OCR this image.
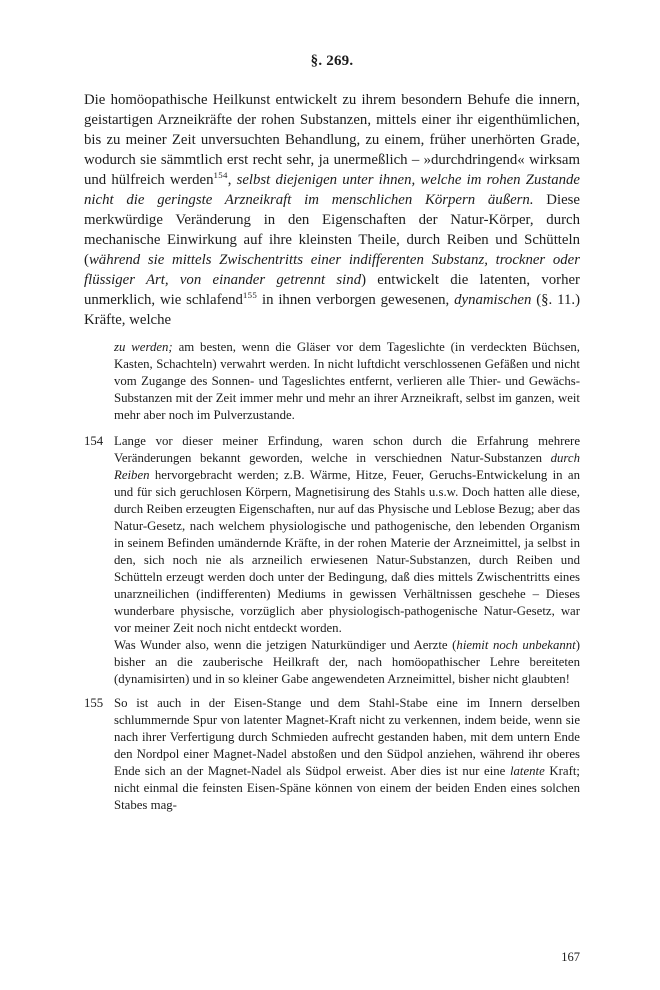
§. 269.

Die homöopathische Heilkunst entwickelt zu ihrem besondern Behufe die innern, geistartigen Arzneikräfte der rohen Substanzen, mittels einer ihr eigenthümlichen, bis zu meiner Zeit unversuchten Behandlung, zu einem, früher unerhörten Grade, wodurch sie sämmtlich erst recht sehr, ja unermeßlich – »durchdringend« wirksam und hülfreich werden$^{154}$, selbst diejenigen unter ihnen, welche im rohen Zustande nicht die geringste Arzneikraft im menschlichen Körpern äußern. Diese merkwürdige Veränderung in den Eigenschaften der Natur-Körper, durch mechanische Einwirkung auf ihre kleinsten Theile, durch Reiben und Schütteln (während sie mittels Zwischentritts einer indifferenten Substanz, trockner oder flüssiger Art, von einander getrennt sind) entwickelt die latenten, vorher unmerklich, wie schlafend$^{155}$ in ihnen verborgen gewesenen, dynamischen (§. 11.) Kräfte, welche

zu werden; am besten, wenn die Gläser vor dem Tageslichte (in verdeckten Büchsen, Kasten, Schachteln) verwahrt werden. In nicht luftdicht verschlossenen Gefäßen und nicht vom Zugange des Sonnen- und Tageslichtes entfernt, verlieren alle Thier- und Gewächs-Substanzen mit der Zeit immer mehr und mehr an ihrer Arzneikraft, selbst im ganzen, weit mehr aber noch im Pulverzustande.

154 Lange vor dieser meiner Erfindung, waren schon durch die Erfahrung mehrere Veränderungen bekannt geworden, welche in verschiednen Natur-Substanzen durch Reiben hervorgebracht werden; z.B. Wärme, Hitze, Feuer, Geruchs-Entwickelung in an und für sich geruchlosen Körpern, Magnetisirung des Stahls u.s.w. Doch hatten alle diese, durch Reiben erzeugten Eigenschaften, nur auf das Physische und Leblose Bezug; aber das Natur-Gesetz, nach welchem physiologische und pathogenische, den lebenden Organism in seinem Befinden umändernde Kräfte, in der rohen Materie der Arzneimittel, ja selbst in den, sich noch nie als arzneilich erwiesenen Natur-Substanzen, durch Reiben und Schütteln erzeugt werden doch unter der Bedingung, daß dies mittels Zwischentritts eines unarzneilichen (indifferenten) Mediums in gewissen Verhältnissen geschehe – Dieses wunderbare physische, vorzüglich aber physiologisch-pathogenische Natur-Gesetz, war vor meiner Zeit noch nicht entdeckt worden.

Was Wunder also, wenn die jetzigen Naturkündiger und Aerzte (hiemit noch unbekannt) bisher an die zauberische Heilkraft der, nach homöopathischer Lehre bereiteten (dynamisirten) und in so kleiner Gabe angewendeten Arzneimittel, bisher nicht glaubten!

155 So ist auch in der Eisen-Stange und dem Stahl-Stabe eine im Innern derselben schlummernde Spur von latenter Magnet-Kraft nicht zu verkennen, indem beide, wenn sie nach ihrer Verfertigung durch Schmieden aufrecht gestanden haben, mit dem untern Ende den Nordpol einer Magnet-Nadel abstoßen und den Südpol anziehen, während ihr oberes Ende sich an der Magnet-Nadel als Südpol erweist. Aber dies ist nur eine latente Kraft; nicht einmal die feinsten Eisen-Späne können von einem der beiden Enden eines solchen Stabes mag-

167
